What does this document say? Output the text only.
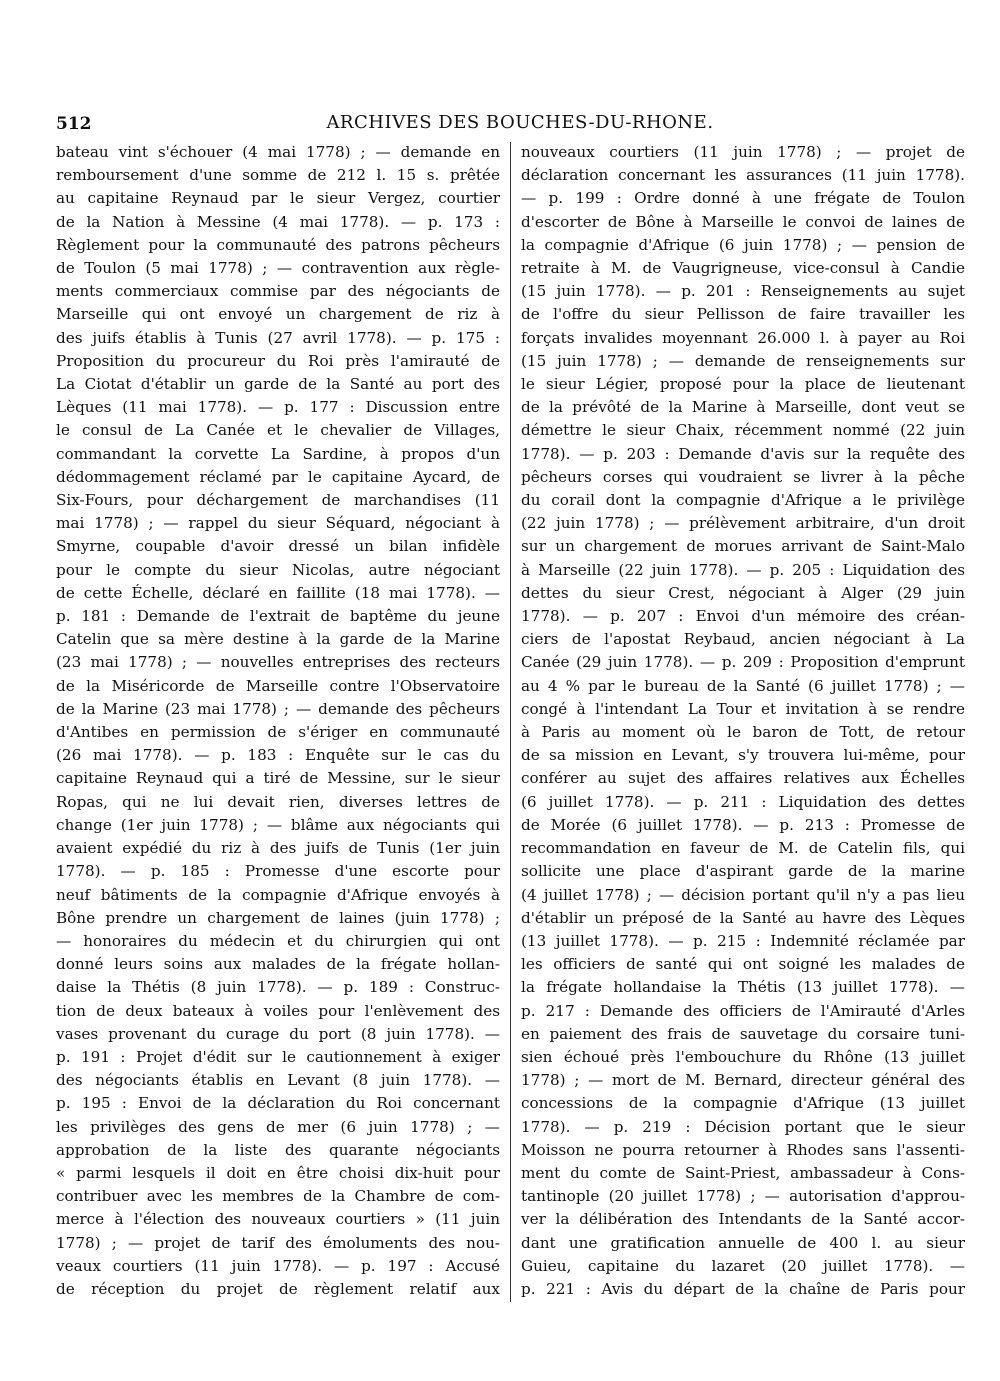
512	ARCHIVES DES BOUCHES-DU-RHONE.
bateau vint s'échouer (4 mai 1778) ; — demande en
remboursement d'une somme de 212 l. 15 s. prêtée
au capitaine Reynaud par le sieur Vergez, courtier
de la Nation à Messine (4 mai 1778). — p. 173 :
Règlement pour la communauté des patrons pêcheurs
de Toulon (5 mai 1778) ; — contravention aux règle-
ments commerciaux commise par des négociants de
Marseille qui ont envoyé un chargement de riz à
des juifs établis à Tunis (27 avril 1778). — p. 175 :
Proposition du procureur du Roi près l'amirauté de
La Ciotat d'établir un garde de la Santé au port des
Lèques (11 mai 1778). — p. 177 : Discussion entre
le consul de La Canée et le chevalier de Villages,
commandant la corvette La Sardine, à propos d'un
dédommagement réclamé par le capitaine Aycard, de
Six-Fours, pour déchargement de marchandises (11
mai 1778) ; — rappel du sieur Séquard, négociant à
Smyrne, coupable d'avoir dressé un bilan infidèle
pour le compte du sieur Nicolas, autre négociant
de cette Échelle, déclaré en faillite (18 mai 1778). —
p. 181 : Demande de l'extrait de baptême du jeune
Catelin que sa mère destine à la garde de la Marine
(23 mai 1778) ; — nouvelles entreprises des recteurs
de la Miséricorde de Marseille contre l'Observatoire
de la Marine (23 mai 1778) ; — demande des pêcheurs
d'Antibes en permission de s'ériger en communauté
(26 mai 1778). — p. 183 : Enquête sur le cas du
capitaine Reynaud qui a tiré de Messine, sur le sieur
Ropas, qui ne lui devait rien, diverses lettres de
change (1er juin 1778) ; — blâme aux négociants qui
avaient expédié du riz à des juifs de Tunis (1er juin
1778). — p. 185 : Promesse d'une escorte pour
neuf bâtiments de la compagnie d'Afrique envoyés à
Bône prendre un chargement de laines (juin 1778) ;
— honoraires du médecin et du chirurgien qui ont
donné leurs soins aux malades de la frégate hollan-
daise la Thétis (8 juin 1778). — p. 189 : Construc-
tion de deux bateaux à voiles pour l'enlèvement des
vases provenant du curage du port (8 juin 1778). —
p. 191 : Projet d'édit sur le cautionnement à exiger
des négociants établis en Levant (8 juin 1778). —
p. 195 : Envoi de la déclaration du Roi concernant
les privilèges des gens de mer (6 juin 1778) ; —
approbation de la liste des quarante négociants
« parmi lesquels il doit en être choisi dix-huit pour
contribuer avec les membres de la Chambre de com-
merce à l'élection des nouveaux courtiers » (11 juin
1778) ; — projet de tarif des émoluments des nou-
veaux courtiers (11 juin 1778). — p. 197 : Accusé
de réception du projet de règlement relatif aux
nouveaux courtiers (11 juin 1778) ; — projet de
déclaration concernant les assurances (11 juin 1778).
— p. 199 : Ordre donné à une frégate de Toulon
d'escorter de Bône à Marseille le convoi de laines de
la compagnie d'Afrique (6 juin 1778) ; — pension de
retraite à M. de Vaugrigneuse, vice-consul à Candie
(15 juin 1778). — p. 201 : Renseignements au sujet
de l'offre du sieur Pellisson de faire travailler les
forçats invalides moyennant 26.000 l. à payer au Roi
(15 juin 1778) ; — demande de renseignements sur
le sieur Légier, proposé pour la place de lieutenant
de la prévôté de la Marine à Marseille, dont veut se
démettre le sieur Chaix, récemment nommé (22 juin
1778). — p. 203 : Demande d'avis sur la requête des
pêcheurs corses qui voudraient se livrer à la pêche
du corail dont la compagnie d'Afrique a le privilège
(22 juin 1778) ; — prélèvement arbitraire, d'un droit
sur un chargement de morues arrivant de Saint-Malo
à Marseille (22 juin 1778). — p. 205 : Liquidation des
dettes du sieur Crest, négociant à Alger (29 juin
1778). — p. 207 : Envoi d'un mémoire des créan-
ciers de l'apostat Reybaud, ancien négociant à La
Canée (29 juin 1778). — p. 209 : Proposition d'emprunt
au 4 % par le bureau de la Santé (6 juillet 1778) ; —
congé à l'intendant La Tour et invitation à se rendre
à Paris au moment où le baron de Tott, de retour
de sa mission en Levant, s'y trouvera lui-même, pour
conférer au sujet des affaires relatives aux Échelles
(6 juillet 1778). — p. 211 : Liquidation des dettes
de Morée (6 juillet 1778). — p. 213 : Promesse de
recommandation en faveur de M. de Catelin fils, qui
sollicite une place d'aspirant garde de la marine
(4 juillet 1778) ; — décision portant qu'il n'y a pas lieu
d'établir un préposé de la Santé au havre des Lèques
(13 juillet 1778). — p. 215 : Indemnité réclamée par
les officiers de santé qui ont soigné les malades de
la frégate hollandaise la Thétis (13 juillet 1778). —
p. 217 : Demande des officiers de l'Amirauté d'Arles
en paiement des frais de sauvetage du corsaire tuni-
sien échoué près l'embouchure du Rhône (13 juillet
1778) ; — mort de M. Bernard, directeur général des
concessions de la compagnie d'Afrique (13 juillet
1778). — p. 219 : Décision portant que le sieur
Moisson ne pourra retourner à Rhodes sans l'assenti-
ment du comte de Saint-Priest, ambassadeur à Cons-
tantinople (20 juillet 1778) ; — autorisation d'approu-
ver la délibération des Intendants de la Santé accor-
dant une gratification annuelle de 400 l. au sieur
Guieu, capitaine du lazaret (20 juillet 1778). —
p. 221 : Avis du départ de la chaîne de Paris pour
